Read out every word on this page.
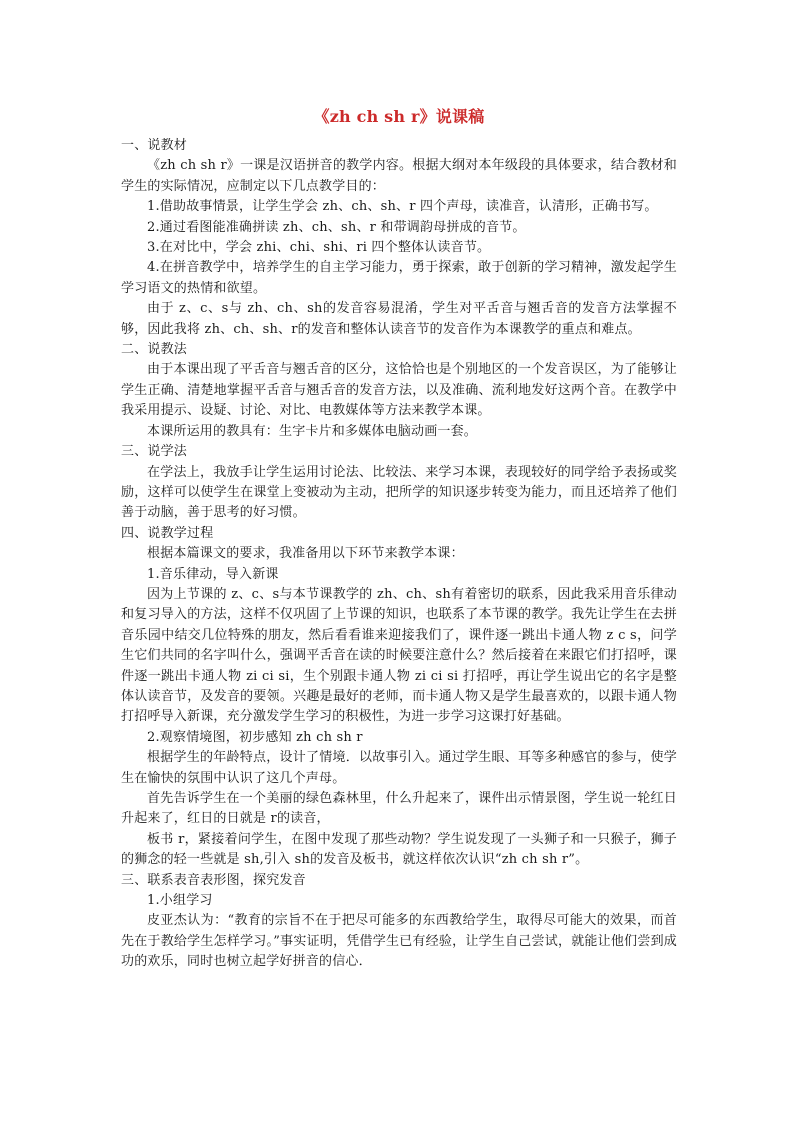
《zh ch sh r》说课稿
一、说教材
《zh ch sh r》一课是汉语拼音的教学内容。根据大纲对本年级段的具体要求，结合教材和学生的实际情况，应制定以下几点教学目的：
1.借助故事情景，让学生学会 zh、ch、sh、r 四个声母，读准音，认清形，正确书写。
2.通过看图能准确拼读 zh、ch、sh、r 和带调韵母拼成的音节。
3.在对比中，学会 zhi、chi、shi、ri 四个整体认读音节。
4.在拼音教学中，培养学生的自主学习能力，勇于探索，敢于创新的学习精神，激发起学生学习语文的热情和欲望。
由于 z、c、s与 zh、ch、sh的发音容易混淆，学生对平舌音与翘舌音的发音方法掌握不够，因此我将 zh、ch、sh、r的发音和整体认读音节的发音作为本课教学的重点和难点。
二、说教法
由于本课出现了平舌音与翘舌音的区分，这恰恰也是个别地区的一个发音误区，为了能够让学生正确、清楚地掌握平舌音与翘舌音的发音方法，以及准确、流利地发好这两个音。在教学中我采用提示、设疑、讨论、对比、电教媒体等方法来教学本课。
本课所运用的教具有：生字卡片和多媒体电脑动画一套。
三、说学法
在学法上，我放手让学生运用讨论法、比较法、来学习本课，表现较好的同学给予表扬或奖励，这样可以使学生在课堂上变被动为主动，把所学的知识逐步转变为能力，而且还培养了他们善于动脑，善于思考的好习惯。
四、说教学过程
根据本篇课文的要求，我准备用以下环节来教学本课：
1.音乐律动，导入新课
因为上节课的 z、c、s与本节课教学的 zh、ch、sh有着密切的联系，因此我采用音乐律动和复习导入的方法，这样不仅巩固了上节课的知识，也联系了本节课的教学。我先让学生在去拼音乐园中结交几位特殊的朋友，然后看看谁来迎接我们了，课件逐一跳出卡通人物 z c s，问学生它们共同的名字叫什么，强调平舌音在读的时候要注意什么？然后接着在来跟它们打招呼，课件逐一跳出卡通人物 zi ci si，生个别跟卡通人物 zi ci si 打招呼，再让学生说出它的名字是整体认读音节，及发音的要领。兴趣是最好的老师，而卡通人物又是学生最喜欢的，以跟卡通人物打招呼导入新课，充分激发学生学习的积极性，为进一步学习这课打好基础。
2.观察情境图，初步感知 zh ch sh r
根据学生的年龄特点，设计了情境．以故事引入。通过学生眼、耳等多种感官的参与，使学生在愉快的氛围中认识了这几个声母。
首先告诉学生在一个美丽的绿色森林里，什么升起来了，课件出示情景图，学生说一轮红日升起来了，红日的日就是 r的读音，
板书 r，紧接着问学生，在图中发现了那些动物？学生说发现了一头狮子和一只猴子，狮子的狮念的轻一些就是 sh,引入 sh的发音及板书，就这样依次认识“zh ch sh r”。
三、联系表音表形图，探究发音
1.小组学习
皮亚杰认为：“教育的宗旨不在于把尽可能多的东西教给学生，取得尽可能大的效果，而首先在于教给学生怎样学习。”事实证明，凭借学生已有经验，让学生自己尝试，就能让他们尝到成功的欢乐，同时也树立起学好拼音的信心．
